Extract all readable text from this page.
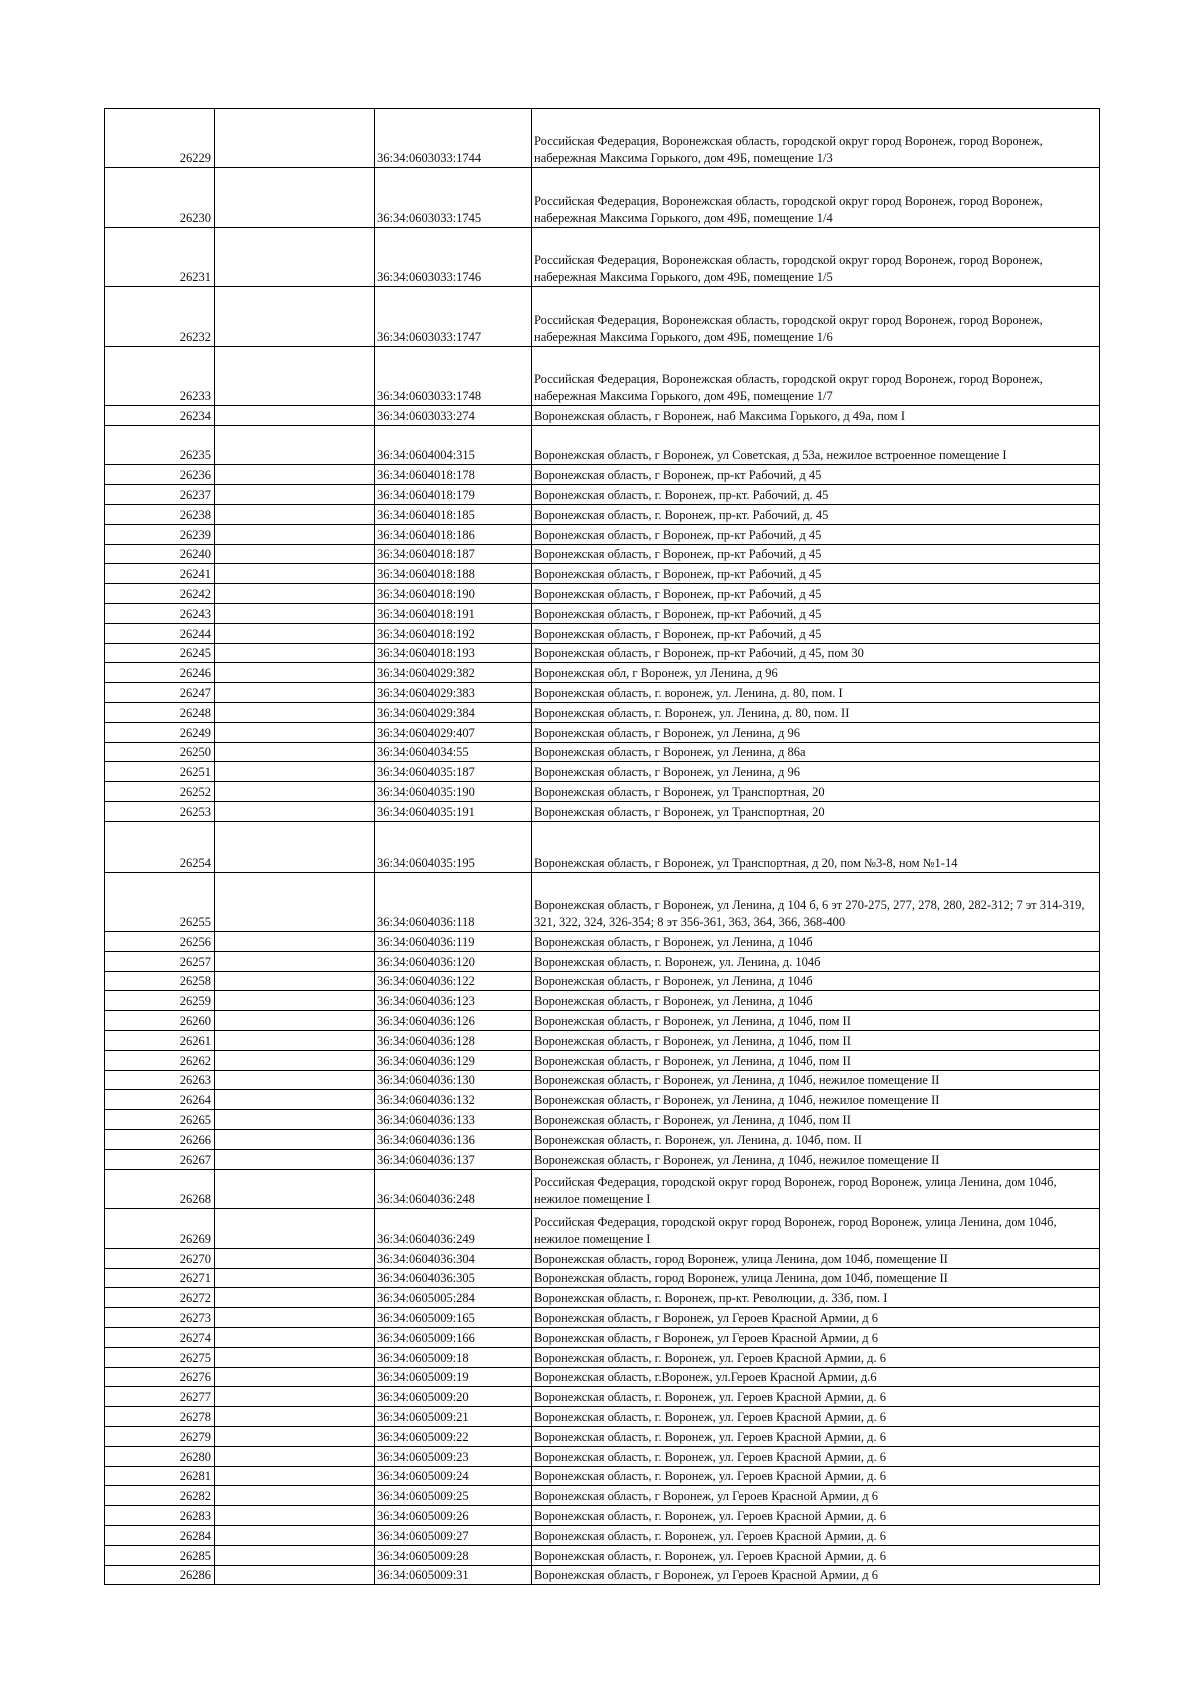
26229		36:34:0603033:1744	Российская Федерация, Воронежская область, городской округ город Воронеж, город Воронеж, набережная Максима Горького, дом 49Б, помещение 1/3
26230		36:34:0603033:1745	Российская Федерация, Воронежская область, городской округ город Воронеж, город Воронеж, набережная Максима Горького, дом 49Б, помещение 1/4
26231		36:34:0603033:1746	Российская Федерация, Воронежская область, городской округ город Воронеж, город Воронеж, набережная Максима Горького, дом 49Б, помещение 1/5
26232		36:34:0603033:1747	Российская Федерация, Воронежская область, городской округ город Воронеж, город Воронеж, набережная Максима Горького, дом 49Б, помещение 1/6
26233		36:34:0603033:1748	Российская Федерация, Воронежская область, городской округ город Воронеж, город Воронеж, набережная Максима Горького, дом 49Б, помещение 1/7
26234		36:34:0603033:274	Воронежская область, г Воронеж, наб Максима Горького, д 49а, пом I
26235		36:34:0604004:315	Воронежская область, г Воронеж, ул Советская, д 53а, нежилое встроенное помещение I
26236		36:34:0604018:178	Воронежская область, г Воронеж, пр-кт Рабочий, д 45
26237		36:34:0604018:179	Воронежская область, г. Воронеж, пр-кт. Рабочий, д. 45
26238		36:34:0604018:185	Воронежская область, г. Воронеж, пр-кт. Рабочий, д. 45
26239		36:34:0604018:186	Воронежская область, г Воронеж, пр-кт Рабочий, д 45
26240		36:34:0604018:187	Воронежская область, г Воронеж, пр-кт Рабочий, д 45
26241		36:34:0604018:188	Воронежская область, г Воронеж, пр-кт Рабочий, д 45
26242		36:34:0604018:190	Воронежская область, г Воронеж, пр-кт Рабочий, д 45
26243		36:34:0604018:191	Воронежская область, г Воронеж, пр-кт Рабочий, д 45
26244		36:34:0604018:192	Воронежская область, г Воронеж, пр-кт Рабочий, д 45
26245		36:34:0604018:193	Воронежская область, г Воронеж, пр-кт Рабочий, д 45, пом 30
26246		36:34:0604029:382	Воронежская обл, г Воронеж, ул Ленина, д 96
26247		36:34:0604029:383	Воронежская область, г. воронеж, ул. Ленина, д. 80, пом. I
26248		36:34:0604029:384	Воронежская область, г. Воронеж, ул. Ленина, д. 80, пом. II
26249		36:34:0604029:407	Воронежская область, г Воронеж, ул Ленина, д 96
26250		36:34:0604034:55	Воронежская область, г Воронеж, ул Ленина, д 86а
26251		36:34:0604035:187	Воронежская область, г Воронеж, ул Ленина, д 96
26252		36:34:0604035:190	Воронежская область, г Воронеж, ул Транспортная, 20
26253		36:34:0604035:191	Воронежская область, г Воронеж, ул Транспортная, 20
26254		36:34:0604035:195	Воронежская область, г Воронеж, ул Транспортная, д 20, пом №3-8, ном №1-14
26255		36:34:0604036:118	Воронежская область, г Воронеж, ул Ленина, д 104 б, 6 эт 270-275, 277, 278, 280, 282-312; 7 эт 314-319, 321, 322, 324, 326-354; 8 эт 356-361, 363, 364, 366, 368-400
26256		36:34:0604036:119	Воронежская область, г Воронеж, ул Ленина, д 104б
26257		36:34:0604036:120	Воронежская область, г. Воронеж, ул. Ленина, д. 104б
26258		36:34:0604036:122	Воронежская область, г Воронеж, ул Ленина, д 104б
26259		36:34:0604036:123	Воронежская область, г Воронеж, ул Ленина, д 104б
26260		36:34:0604036:126	Воронежская область, г Воронеж, ул Ленина, д 104б, пом II
26261		36:34:0604036:128	Воронежская область, г Воронеж, ул Ленина, д 104б, пом II
26262		36:34:0604036:129	Воронежская область, г Воронеж, ул Ленина, д 104б, пом II
26263		36:34:0604036:130	Воронежская область, г Воронеж, ул Ленина, д 104б, нежилое помещение II
26264		36:34:0604036:132	Воронежская область, г Воронеж, ул Ленина, д 104б, нежилое помещение II
26265		36:34:0604036:133	Воронежская область, г Воронеж, ул Ленина, д 104б, пом II
26266		36:34:0604036:136	Воронежская область, г. Воронеж, ул. Ленина, д. 104б, пом. II
26267		36:34:0604036:137	Воронежская область, г Воронеж, ул Ленина, д 104б, нежилое помещение II
26268		36:34:0604036:248	Российская Федерация, городской округ город Воронеж, город Воронеж, улица Ленина, дом 104б, нежилое помещение I
26269		36:34:0604036:249	Российская Федерация, городской округ город Воронеж, город Воронеж, улица Ленина, дом 104б, нежилое помещение I
26270		36:34:0604036:304	Воронежская область, город Воронеж, улица Ленина, дом 104б, помещение II
26271		36:34:0604036:305	Воронежская область, город Воронеж, улица Ленина, дом 104б, помещение II
26272		36:34:0605005:284	Воронежская область, г. Воронеж, пр-кт. Революции, д. 33б, пом. I
26273		36:34:0605009:165	Воронежская область, г Воронеж, ул Героев Красной Армии, д 6
26274		36:34:0605009:166	Воронежская область, г Воронеж, ул Героев Красной Армии, д 6
26275		36:34:0605009:18	Воронежская область, г. Воронеж, ул. Героев Красной Армии, д. 6
26276		36:34:0605009:19	Воронежская область, г.Воронеж, ул.Героев Красной Армии, д.6
26277		36:34:0605009:20	Воронежская область, г. Воронеж, ул. Героев Красной Армии, д. 6
26278		36:34:0605009:21	Воронежская область, г. Воронеж, ул. Героев Красной Армии, д. 6
26279		36:34:0605009:22	Воронежская область, г. Воронеж, ул. Героев Красной Армии, д. 6
26280		36:34:0605009:23	Воронежская область, г. Воронеж, ул. Героев Красной Армии, д. 6
26281		36:34:0605009:24	Воронежская область, г. Воронеж, ул. Героев Красной Армии, д. 6
26282		36:34:0605009:25	Воронежская область, г Воронеж, ул Героев Красной Армии, д 6
26283		36:34:0605009:26	Воронежская область, г. Воронеж, ул. Героев Красной Армии, д. 6
26284		36:34:0605009:27	Воронежская область, г. Воронеж, ул. Героев Красной Армии, д. 6
26285		36:34:0605009:28	Воронежская область, г. Воронеж, ул. Героев Красной Армии, д. 6
26286		36:34:0605009:31	Воронежская область, г Воронеж, ул Героев Красной Армии, д 6
